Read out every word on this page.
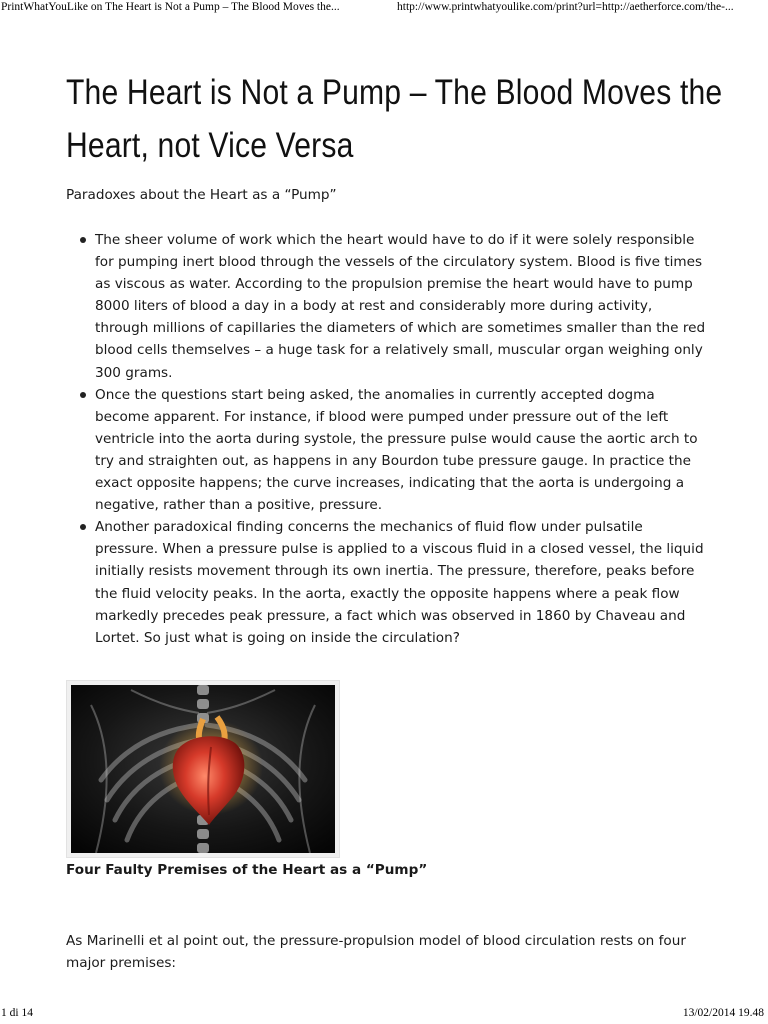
PrintWhatYouLike on The Heart is Not a Pump – The Blood Moves the...	http://www.printwhatyoulike.com/print?url=http://aetherforce.com/the-...
The Heart is Not a Pump – The Blood Moves the
Heart, not Vice Versa

Paradoxes about the Heart as a “Pump”

The sheer volume of work which the heart would have to do if it were solely responsible for pumping inert blood through the vessels of the circulatory system. Blood is five times as viscous as water. According to the propulsion premise the heart would have to pump 8000 liters of blood a day in a body at rest and considerably more during activity, through millions of capillaries the diameters of which are sometimes smaller than the red blood cells themselves – a huge task for a relatively small, muscular organ weighing only 300 grams.
Once the questions start being asked, the anomalies in currently accepted dogma become apparent. For instance, if blood were pumped under pressure out of the left ventricle into the aorta during systole, the pressure pulse would cause the aortic arch to try and straighten out, as happens in any Bourdon tube pressure gauge. In practice the exact opposite happens; the curve increases, indicating that the aorta is undergoing a negative, rather than a positive, pressure.
Another paradoxical finding concerns the mechanics of fluid flow under pulsatile pressure. When a pressure pulse is applied to a viscous fluid in a closed vessel, the liquid initially resists movement through its own inertia. The pressure, therefore, peaks before the fluid velocity peaks. In the aorta, exactly the opposite happens where a peak flow markedly precedes peak pressure, a fact which was observed in 1860 by Chaveau and Lortet. So just what is going on inside the circulation?

Four Faulty Premises of the Heart as a “Pump”

As Marinelli et al point out, the pressure-propulsion model of blood circulation rests on four major premises:

1 di 14	13/02/2014 19.48
